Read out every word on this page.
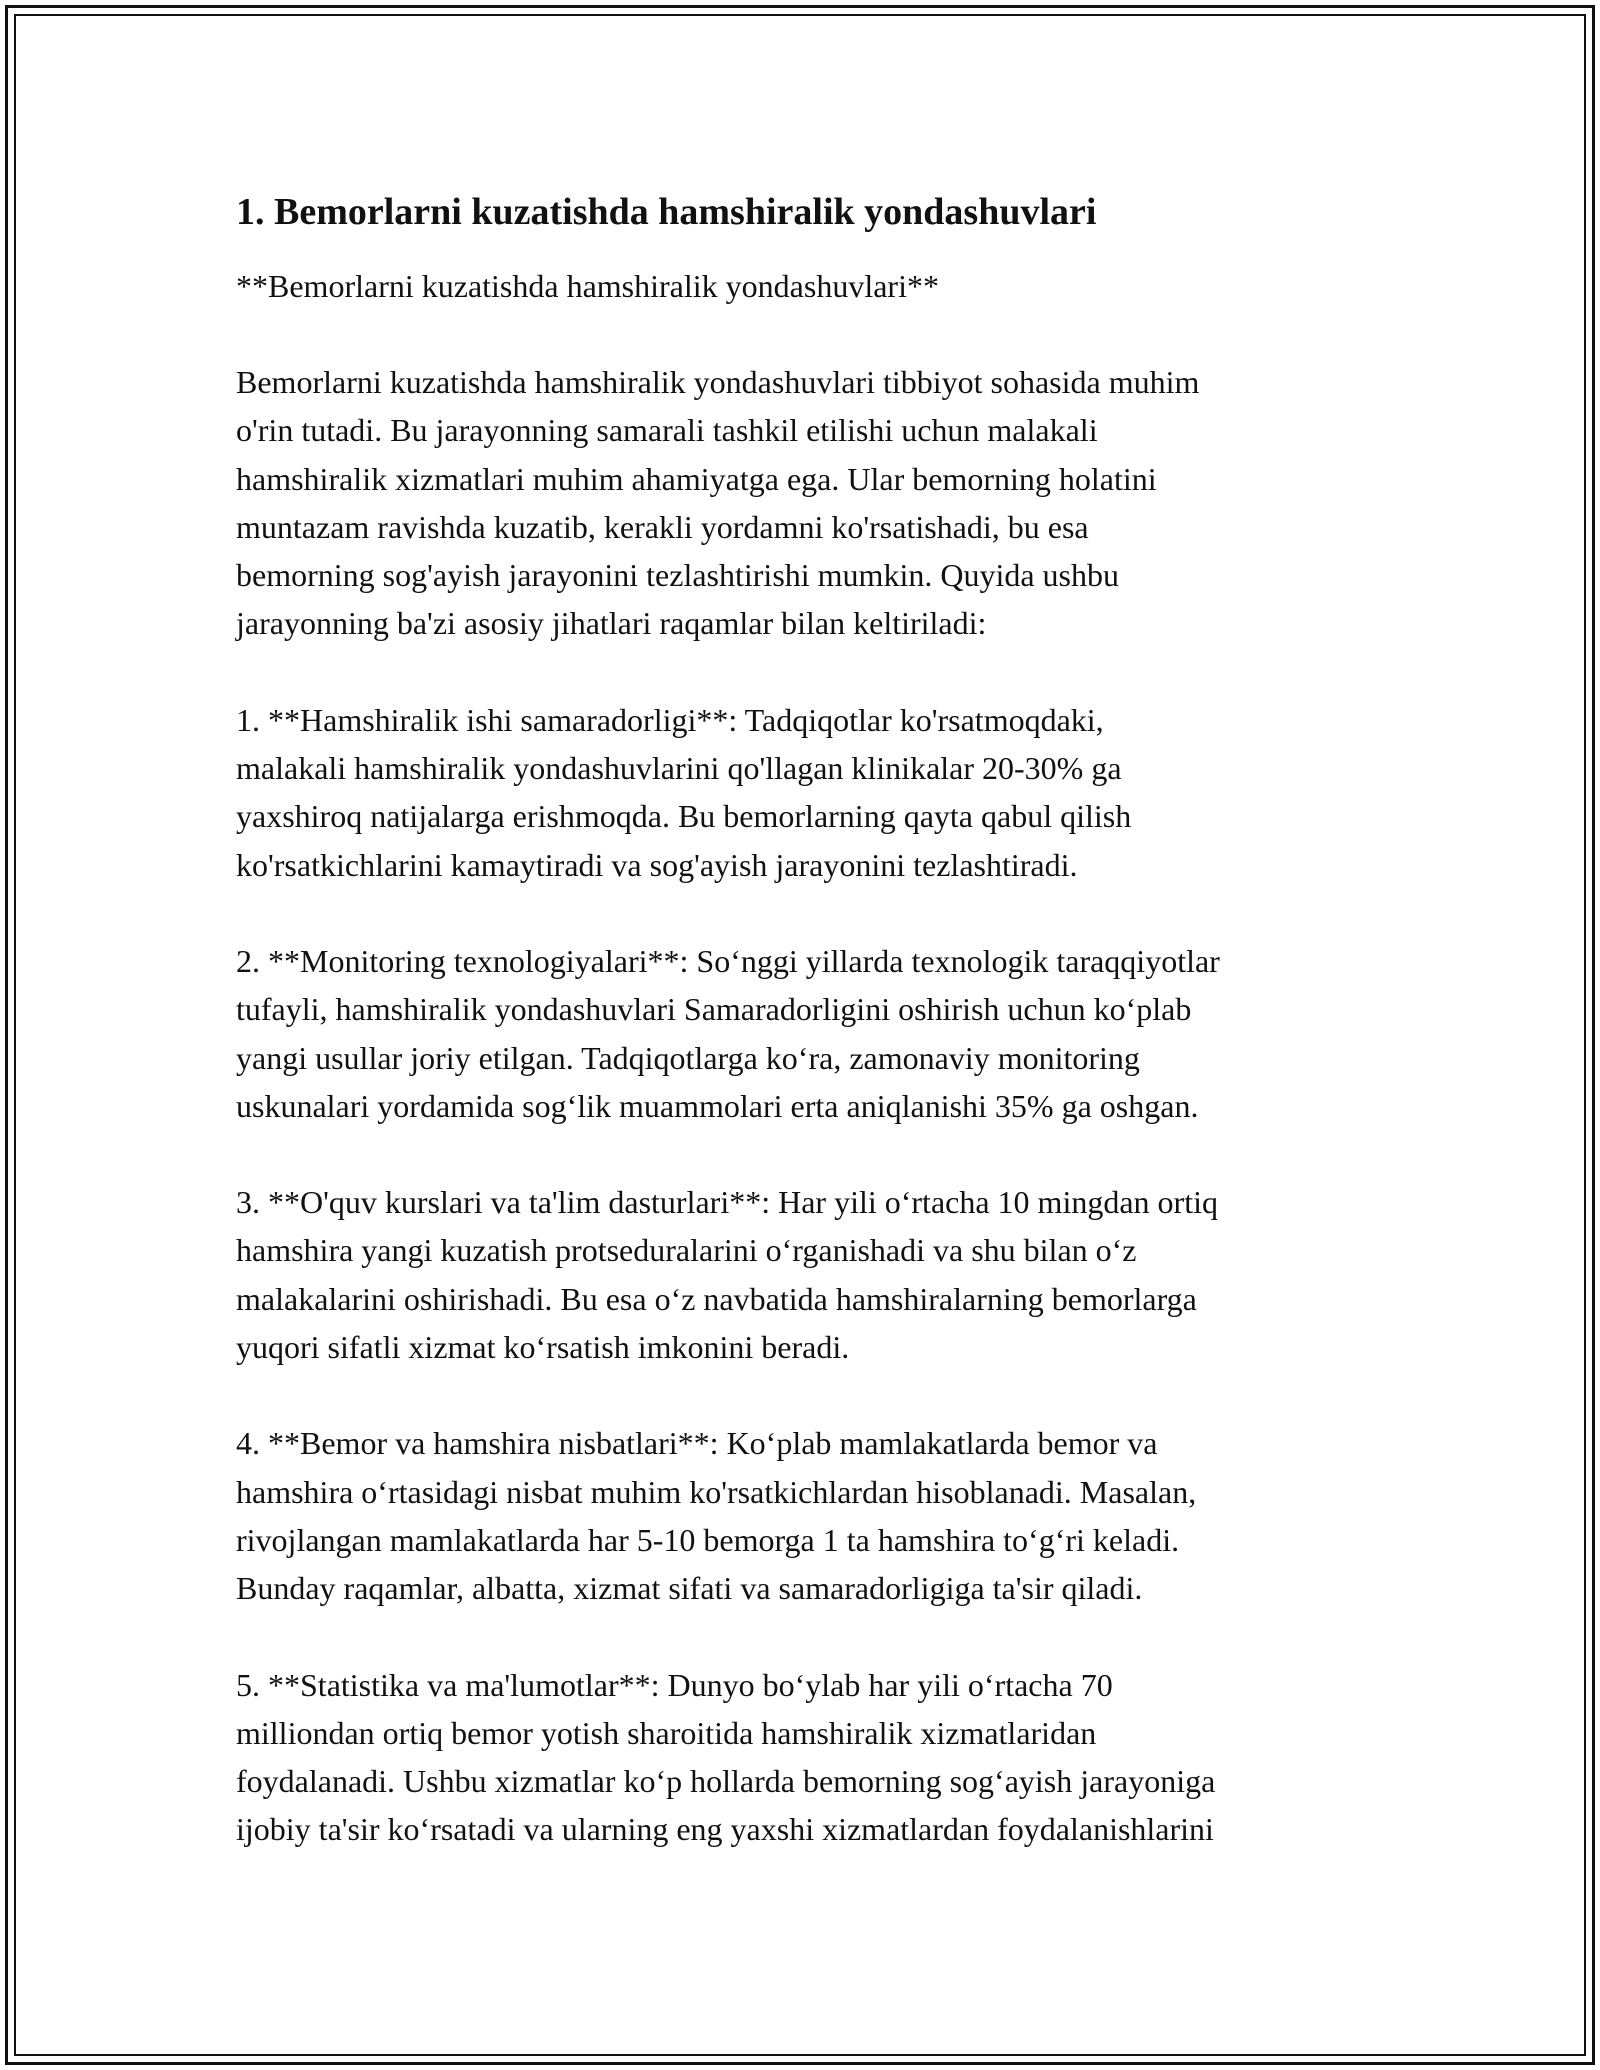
1. Bemorlarni kuzatishda hamshiralik yondashuvlari
**Bemorlarni kuzatishda hamshiralik yondashuvlari**
Bemorlarni kuzatishda hamshiralik yondashuvlari tibbiyot sohasida muhim
o'rin tutadi. Bu jarayonning samarali tashkil etilishi uchun malakali
hamshiralik xizmatlari muhim ahamiyatga ega. Ular bemorning holatini
muntazam ravishda kuzatib, kerakli yordamni ko'rsatishadi, bu esa
bemorning sog'ayish jarayonini tezlashtirishi mumkin. Quyida ushbu
jarayonning ba'zi asosiy jihatlari raqamlar bilan keltiriladi:
1. **Hamshiralik ishi samaradorligi**: Tadqiqotlar ko'rsatmoqdaki,
malakali hamshiralik yondashuvlarini qo'llagan klinikalar 20-30% ga
yaxshiroq natijalarga erishmoqda. Bu bemorlarning qayta qabul qilish
ko'rsatkichlarini kamaytiradi va sog'ayish jarayonini tezlashtiradi.
2. **Monitoring texnologiyalari**: So‘nggi yillarda texnologik taraqqiyotlar
tufayli, hamshiralik yondashuvlari Samaradorligini oshirish uchun ko‘plab
yangi usullar joriy etilgan. Tadqiqotlarga ko‘ra, zamonaviy monitoring
uskunalari yordamida sog‘lik muammolari erta aniqlanishi 35% ga oshgan.
3. **O'quv kurslari va ta'lim dasturlari**: Har yili o‘rtacha 10 mingdan ortiq
hamshira yangi kuzatish protseduralarini o‘rganishadi va shu bilan o‘z
malakalarini oshirishadi. Bu esa o‘z navbatida hamshiralarning bemorlarga
yuqori sifatli xizmat ko‘rsatish imkonini beradi.
4. **Bemor va hamshira nisbatlari**: Ko‘plab mamlakatlarda bemor va
hamshira o‘rtasidagi nisbat muhim ko'rsatkichlardan hisoblanadi. Masalan,
rivojlangan mamlakatlarda har 5-10 bemorga 1 ta hamshira to‘g‘ri keladi.
Bunday raqamlar, albatta, xizmat sifati va samaradorligiga ta'sir qiladi.
5. **Statistika va ma'lumotlar**: Dunyo bo‘ylab har yili o‘rtacha 70
milliondan ortiq bemor yotish sharoitida hamshiralik xizmatlaridan
foydalanadi. Ushbu xizmatlar ko‘p hollarda bemorning sog‘ayish jarayoniga
ijobiy ta'sir ko‘rsatadi va ularning eng yaxshi xizmatlardan foydalanishlarini
